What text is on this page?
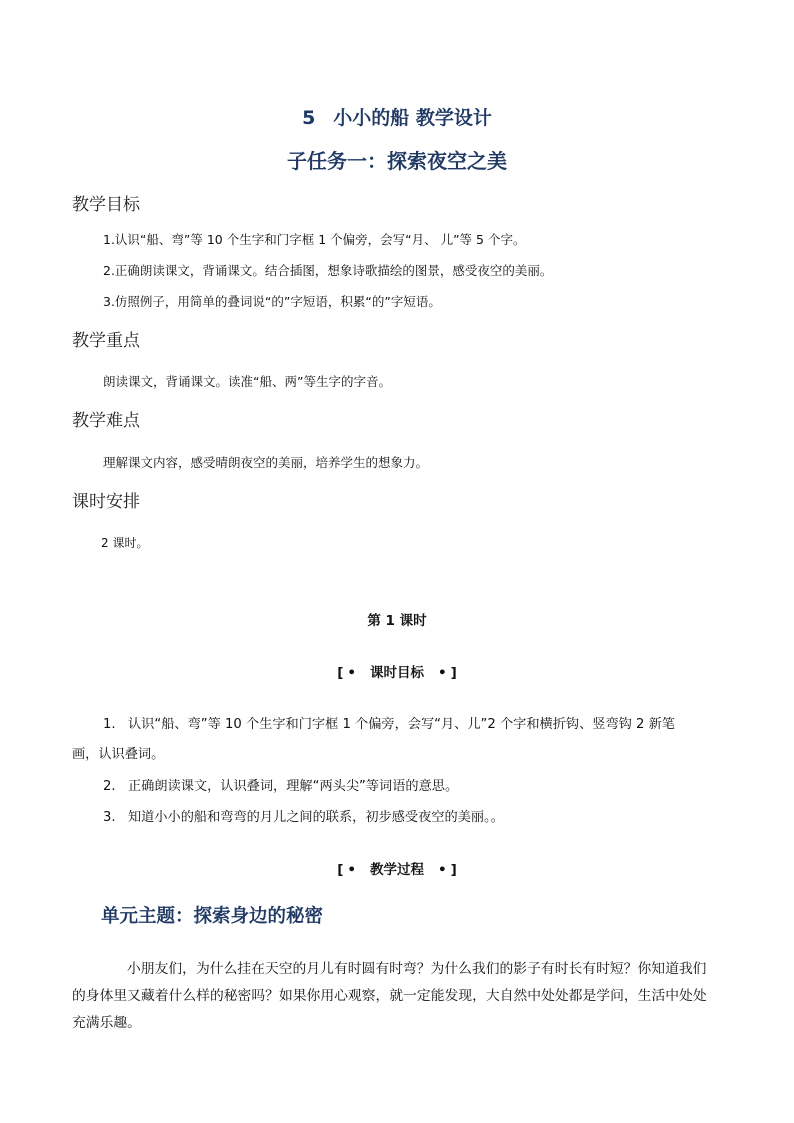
5 小小的船 教学设计
子任务一：探索夜空之美
教学目标
1.认识“船、弯”等 10 个生字和门字框 1 个偏旁，会写“月、 儿”等 5 个字。
2.正确朗读课文，背诵课文。结合插图，想象诗歌描绘的图景，感受夜空的美丽。
3.仿照例子，用简单的叠词说“的”字短语，积累“的”字短语。
教学重点
朗读课文，背诵课文。读准“船、两”等生字的字音。
教学难点
理解课文内容，感受晴朗夜空的美丽，培养学生的想象力。
课时安排
2 课时。
第 1 课时
[ • 课时目标 • ]
1. 认识“船、弯”等 10 个生字和门字框 1 个偏旁，会写“月、儿”2 个字和横折钩、竖弯钩 2 新笔
画，认识叠词。
2. 正确朗读课文，认识叠词，理解“两头尖”等词语的意思。
3. 知道小小的船和弯弯的月儿之间的联系，初步感受夜空的美丽。。
[ • 教学过程 • ]
单元主题：探索身边的秘密
小朋友们，为什么挂在天空的月儿有时圆有时弯？为什么我们的影子有时长有时短？你知道我们
的身体里又藏着什么样的秘密吗？如果你用心观察，就一定能发现，大自然中处处都是学问，生活中处处
充满乐趣。
